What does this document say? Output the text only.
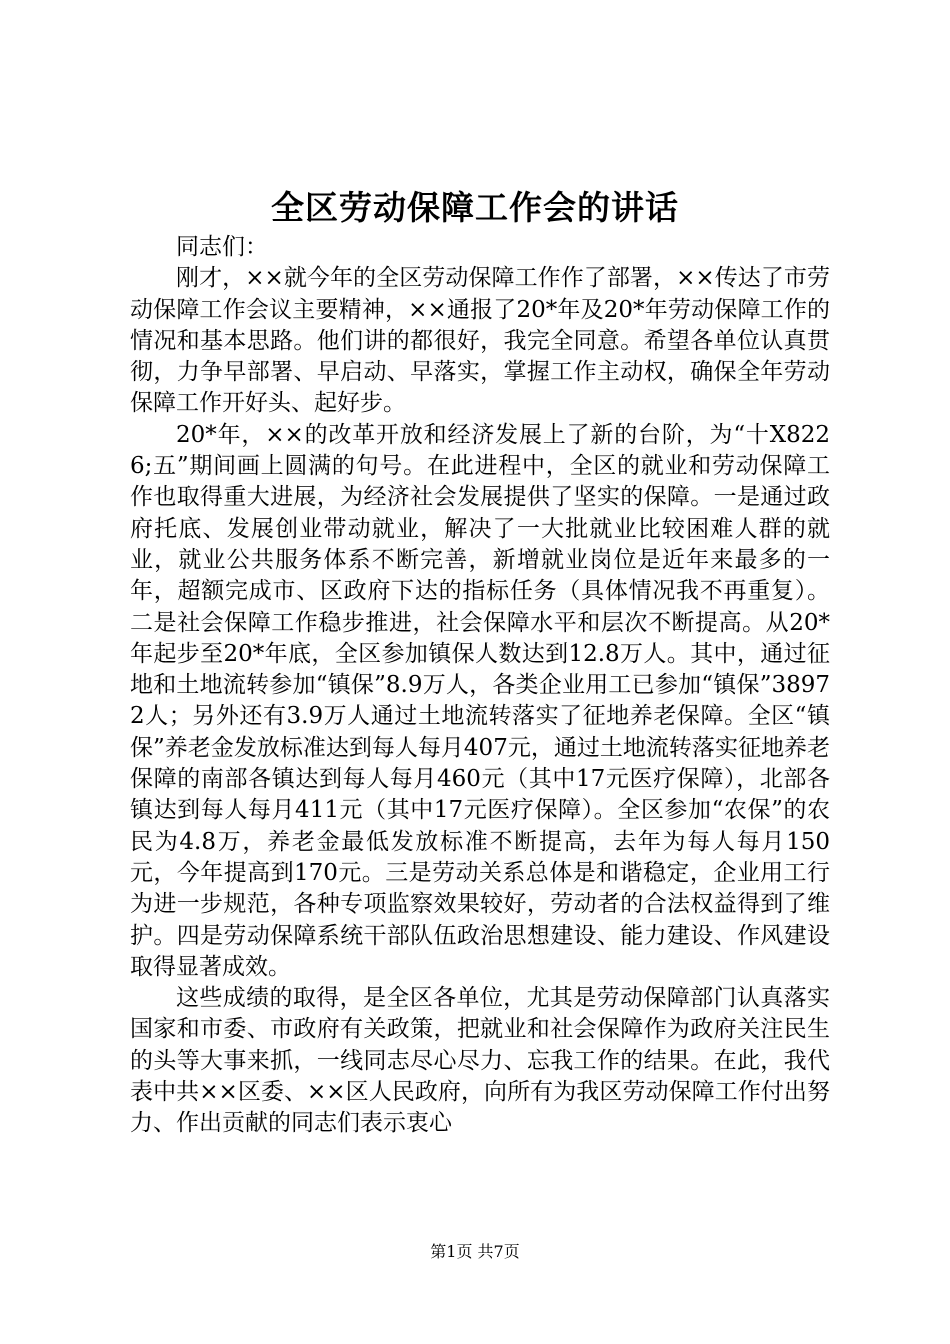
全区劳动保障工作会的讲话

同志们：

刚才，××就今年的全区劳动保障工作作了部署，××传达了市劳动保障工作会议主要精神，××通报了20*年及20*年劳动保障工作的情况和基本思路。他们讲的都很好，我完全同意。希望各单位认真贯彻，力争早部署、早启动、早落实，掌握工作主动权，确保全年劳动保障工作开好头、起好步。

20*年，××的改革开放和经济发展上了新的台阶，为“十X8226;五”期间画上圆满的句号。在此进程中，全区的就业和劳动保障工作也取得重大进展，为经济社会发展提供了坚实的保障。一是通过政府托底、发展创业带动就业，解决了一大批就业比较困难人群的就业，就业公共服务体系不断完善，新增就业岗位是近年来最多的一年，超额完成市、区政府下达的指标任务（具体情况我不再重复）。二是社会保障工作稳步推进，社会保障水平和层次不断提高。从20*年起步至20*年底，全区参加镇保人数达到12.8万人。其中，通过征地和土地流转参加“镇保”8.9万人，各类企业用工已参加“镇保”38972人；另外还有3.9万人通过土地流转落实了征地养老保障。全区“镇保”养老金发放标准达到每人每月407元，通过土地流转落实征地养老保障的南部各镇达到每人每月460元（其中17元医疗保障），北部各镇达到每人每月411元（其中17元医疗保障）。全区参加“农保”的农民为4.8万，养老金最低发放标准不断提高，去年为每人每月150元，今年提高到170元。三是劳动关系总体是和谐稳定，企业用工行为进一步规范，各种专项监察效果较好，劳动者的合法权益得到了维护。四是劳动保障系统干部队伍政治思想建设、能力建设、作风建设取得显著成效。

这些成绩的取得，是全区各单位，尤其是劳动保障部门认真落实国家和市委、市政府有关政策，把就业和社会保障作为政府关注民生的头等大事来抓，一线同志尽心尽力、忘我工作的结果。在此，我代表中共××区委、××区人民政府，向所有为我区劳动保障工作付出努力、作出贡献的同志们表示衷心

第1页 共7页
